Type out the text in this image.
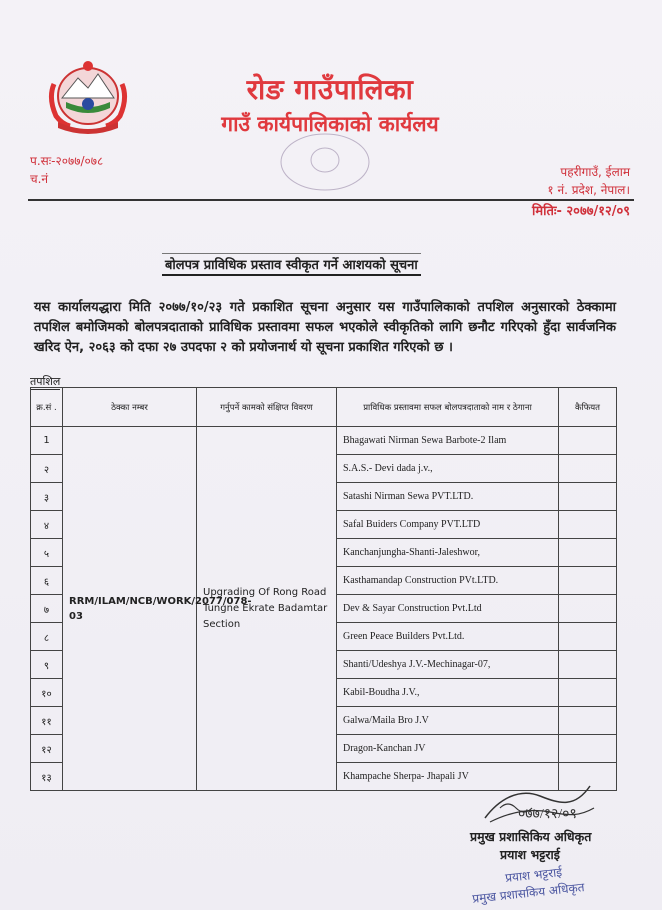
रोङ गाउँपालिका
गाउँ कार्यपालिकाको कार्यलय
प.सः-२०७७/०७८
च.नं	पहरीगाउँ, ईलाम
१ नं. प्रदेश, नेपाल।
मितिः- २०७७/१२/०९
बोलपत्र प्राविधिक प्रस्ताव स्वीकृत गर्ने आशयको सूचना
यस कार्यालयद्धारा मिति २०७७/१०/२३ गते प्रकाशित सूचना अनुसार यस गाउँपालिकाको तपशिल अनुसारको ठेक्कामा तपशिल बमोजिमको बोलपत्रदाताको प्राविधिक प्रस्तावमा सफल भएकोले स्वीकृतिको लागि छनौट गरिएको हुँदा सार्वजनिक खरिद ऐन, २०६३ को दफा २७ उपदफा २ को प्रयोजनार्थ यो सूचना प्रकाशित गरिएको छ ।
तपशिल
क्र.सं .	ठेक्का नम्बर	गर्नुपर्ने कामको संक्षिप्त विवरण	प्राविधिक प्रस्तावमा सफल बोलपत्रदाताको नाम र ठेगाना	कैफियत
1	RRM/ILAM/NCB/WORK/2077/078-03	Upgrading Of Rong Road Tungne Ekrate Badamtar Section	Bhagawati Nirman Sewa Barbote-2 Ilam	
२			S.A.S.- Devi dada j.v.,	
३			Satashi Nirman Sewa PVT.LTD.	
४			Safal Buiders Company PVT.LTD	
५			Kanchanjungha-Shanti-Jaleshwor,	
६			Kasthamandap Construction PVt.LTD.	
७			Dev & Sayar Construction Pvt.Ltd	
८			Green Peace Builders Pvt.Ltd.	
९			Shanti/Udeshya J.V.-Mechinagar-07,	
१०			Kabil-Boudha J.V.,	
११			Galwa/Maila Bro J.V	
१२			Dragon-Kanchan JV	
१३			Khampache Sherpa- Jhapali JV	
०७७/१२/०९
प्रमुख प्रशासिकिय अधिकृत
प्रयाश भट्टराई
प्रयाश भट्टराई
प्रमुख प्रशासकिय अधिकृत
